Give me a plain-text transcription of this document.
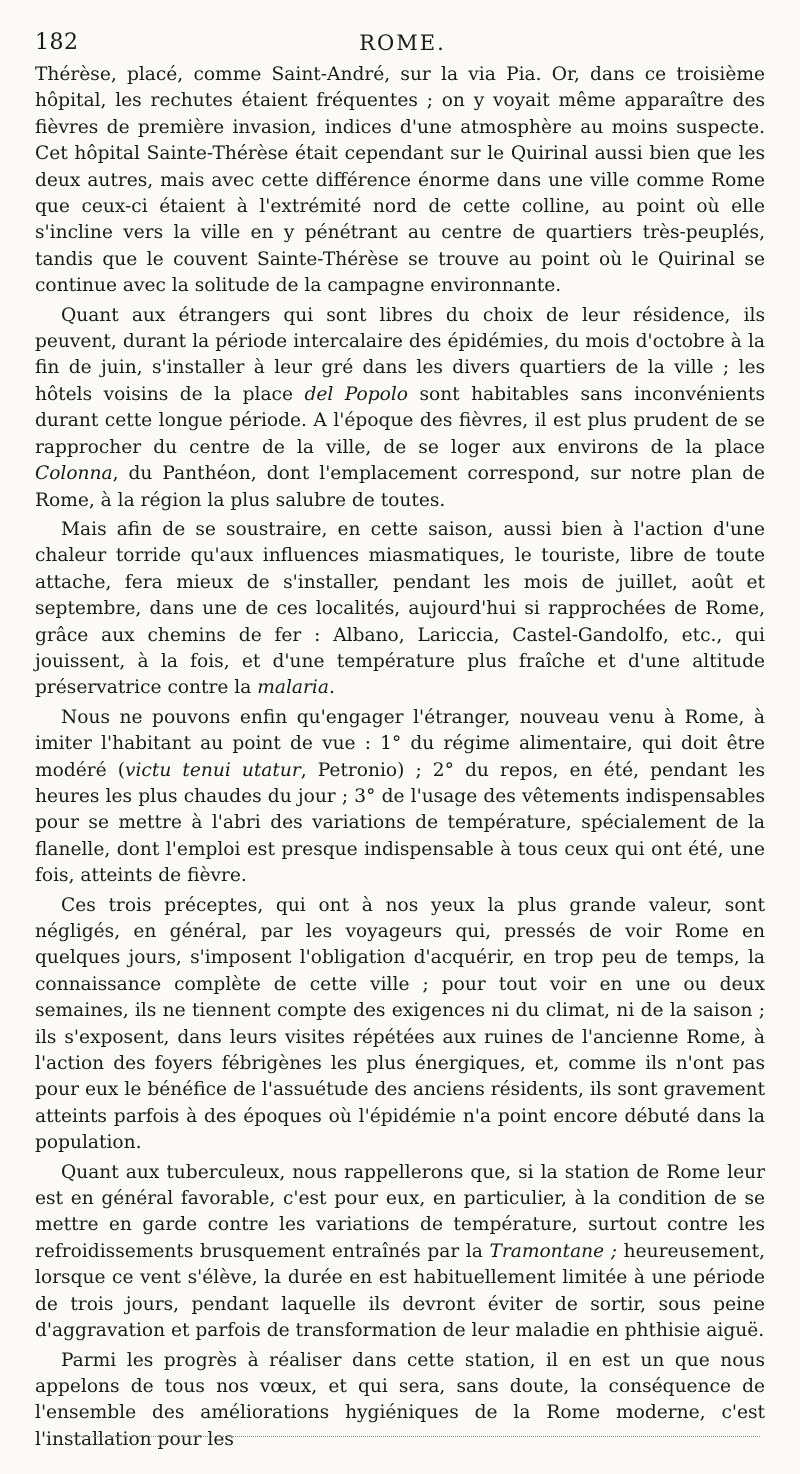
182	ROME.

Thérèse, placé, comme Saint-André, sur la via Pia. Or, dans ce troisième hôpital, les rechutes étaient fréquentes ; on y voyait même apparaître des fièvres de première invasion, indices d'une atmosphère au moins suspecte. Cet hôpital Sainte-Thérèse était cependant sur le Quirinal aussi bien que les deux autres, mais avec cette différence énorme dans une ville comme Rome que ceux-ci étaient à l'extrémité nord de cette colline, au point où elle s'incline vers la ville en y pénétrant au centre de quartiers très-peuplés, tandis que le couvent Sainte-Thérèse se trouve au point où le Quirinal se continue avec la solitude de la campagne environnante.

Quant aux étrangers qui sont libres du choix de leur résidence, ils peuvent, durant la période intercalaire des épidémies, du mois d'octobre à la fin de juin, s'installer à leur gré dans les divers quartiers de la ville ; les hôtels voisins de la place del Popolo sont habitables sans inconvénients durant cette longue période. A l'époque des fièvres, il est plus prudent de se rapprocher du centre de la ville, de se loger aux environs de la place Colonna, du Panthéon, dont l'emplacement correspond, sur notre plan de Rome, à la région la plus salubre de toutes.

Mais afin de se soustraire, en cette saison, aussi bien à l'action d'une chaleur torride qu'aux influences miasmatiques, le touriste, libre de toute attache, fera mieux de s'installer, pendant les mois de juillet, août et septembre, dans une de ces localités, aujourd'hui si rapprochées de Rome, grâce aux chemins de fer : Albano, Lariccia, Castel-Gandolfo, etc., qui jouissent, à la fois, et d'une température plus fraîche et d'une altitude préservatrice contre la malaria.

Nous ne pouvons enfin qu'engager l'étranger, nouveau venu à Rome, à imiter l'habitant au point de vue : 1° du régime alimentaire, qui doit être modéré (victu tenui utatur, Petronio) ; 2° du repos, en été, pendant les heures les plus chaudes du jour ; 3° de l'usage des vêtements indispensables pour se mettre à l'abri des variations de température, spécialement de la flanelle, dont l'emploi est presque indispensable à tous ceux qui ont été, une fois, atteints de fièvre.

Ces trois préceptes, qui ont à nos yeux la plus grande valeur, sont négligés, en général, par les voyageurs qui, pressés de voir Rome en quelques jours, s'imposent l'obligation d'acquérir, en trop peu de temps, la connaissance complète de cette ville ; pour tout voir en une ou deux semaines, ils ne tiennent compte des exigences ni du climat, ni de la saison ; ils s'exposent, dans leurs visites répétées aux ruines de l'ancienne Rome, à l'action des foyers fébrigènes les plus énergiques, et, comme ils n'ont pas pour eux le bénéfice de l'assuétude des anciens résidents, ils sont gravement atteints parfois à des époques où l'épidémie n'a point encore débuté dans la population.

Quant aux tuberculeux, nous rappellerons que, si la station de Rome leur est en général favorable, c'est pour eux, en particulier, à la condition de se mettre en garde contre les variations de température, surtout contre les refroidissements brusquement entraînés par la Tramontane ; heureusement, lorsque ce vent s'élève, la durée en est habituellement limitée à une période de trois jours, pendant laquelle ils devront éviter de sortir, sous peine d'aggravation et parfois de transformation de leur maladie en phthisie aiguë.

Parmi les progrès à réaliser dans cette station, il en est un que nous appelons de tous nos vœux, et qui sera, sans doute, la conséquence de l'ensemble des améliorations hygiéniques de la Rome moderne, c'est l'installation pour les
